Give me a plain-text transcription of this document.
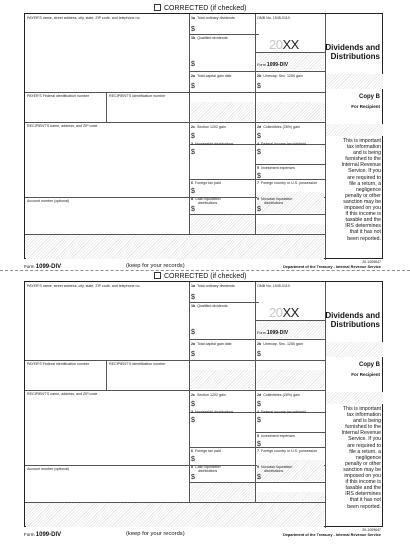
CORRECTED (if checked)
PAYER'S name, street address, city, state, ZIP code, and telephone no.
PAYER'S Federal identification number	RECIPIENT'S identification number
RECIPIENT'S name, address, and ZIP code
Account number (optional)
1a Total ordinary dividends
$
1b Qualified dividends
$
2a Total capital gain distr.
$
2b Unrecap. Sec. 1250 gain
$
2c Section 1202 gain
$
2d Collectibles (28%) gain
$
3 Nontaxable distributions
$
4 Federal income tax withheld
$
5 Investment expenses
$
6 Foreign tax paid
$
7 Foreign country or U.S. possession
8 Cash liquidation
distributions
$
9 Noncash liquidation
distributions
$
OMB No. 1545-0110
20XX
Form 1099-DIV
Dividends and
Distributions
Copy B
For Recipient
This is important
tax information
and is being
furnished to the
Internal Revenue
Service. If you
are required to
file a return, a
negligence
penalty or other
sanction may be
imposed on you
if this income is
taxable and the
IRS determines
that it has not
been reported.
Form 1099-DIV	(keep for your records)
20-1009647
Department of the Treasury - Internal Revenue Service
CORRECTED (if checked)
PAYER'S name, street address, city, state, ZIP code, and telephone no.
PAYER'S Federal identification number	RECIPIENT'S identification number
RECIPIENT'S name, address, and ZIP code
Account number (optional)
1a Total ordinary dividends
$
1b Qualified dividends
$
2a Total capital gain distr.
$
2b Unrecap. Sec. 1250 gain
$
2c Section 1202 gain
$
2d Collectibles (28%) gain
$
3 Nontaxable distributions
$
4 Federal income tax withheld
$
5 Investment expenses
$
6 Foreign tax paid
$
7 Foreign country or U.S. possession
8 Cash liquidation
distributions
$
9 Noncash liquidation
distributions
$
OMB No. 1545-0110
20XX
Form 1099-DIV
Dividends and
Distributions
Copy B
For Recipient
This is important
tax information
and is being
furnished to the
Internal Revenue
Service. If you
are required to
file a return, a
negligence
penalty or other
sanction may be
imposed on you
if this income is
taxable and the
IRS determines
that it has not
been reported.
Form 1099-DIV	(keep for your records)
20-1009647
Department of the Treasury - Internal Revenue Service
